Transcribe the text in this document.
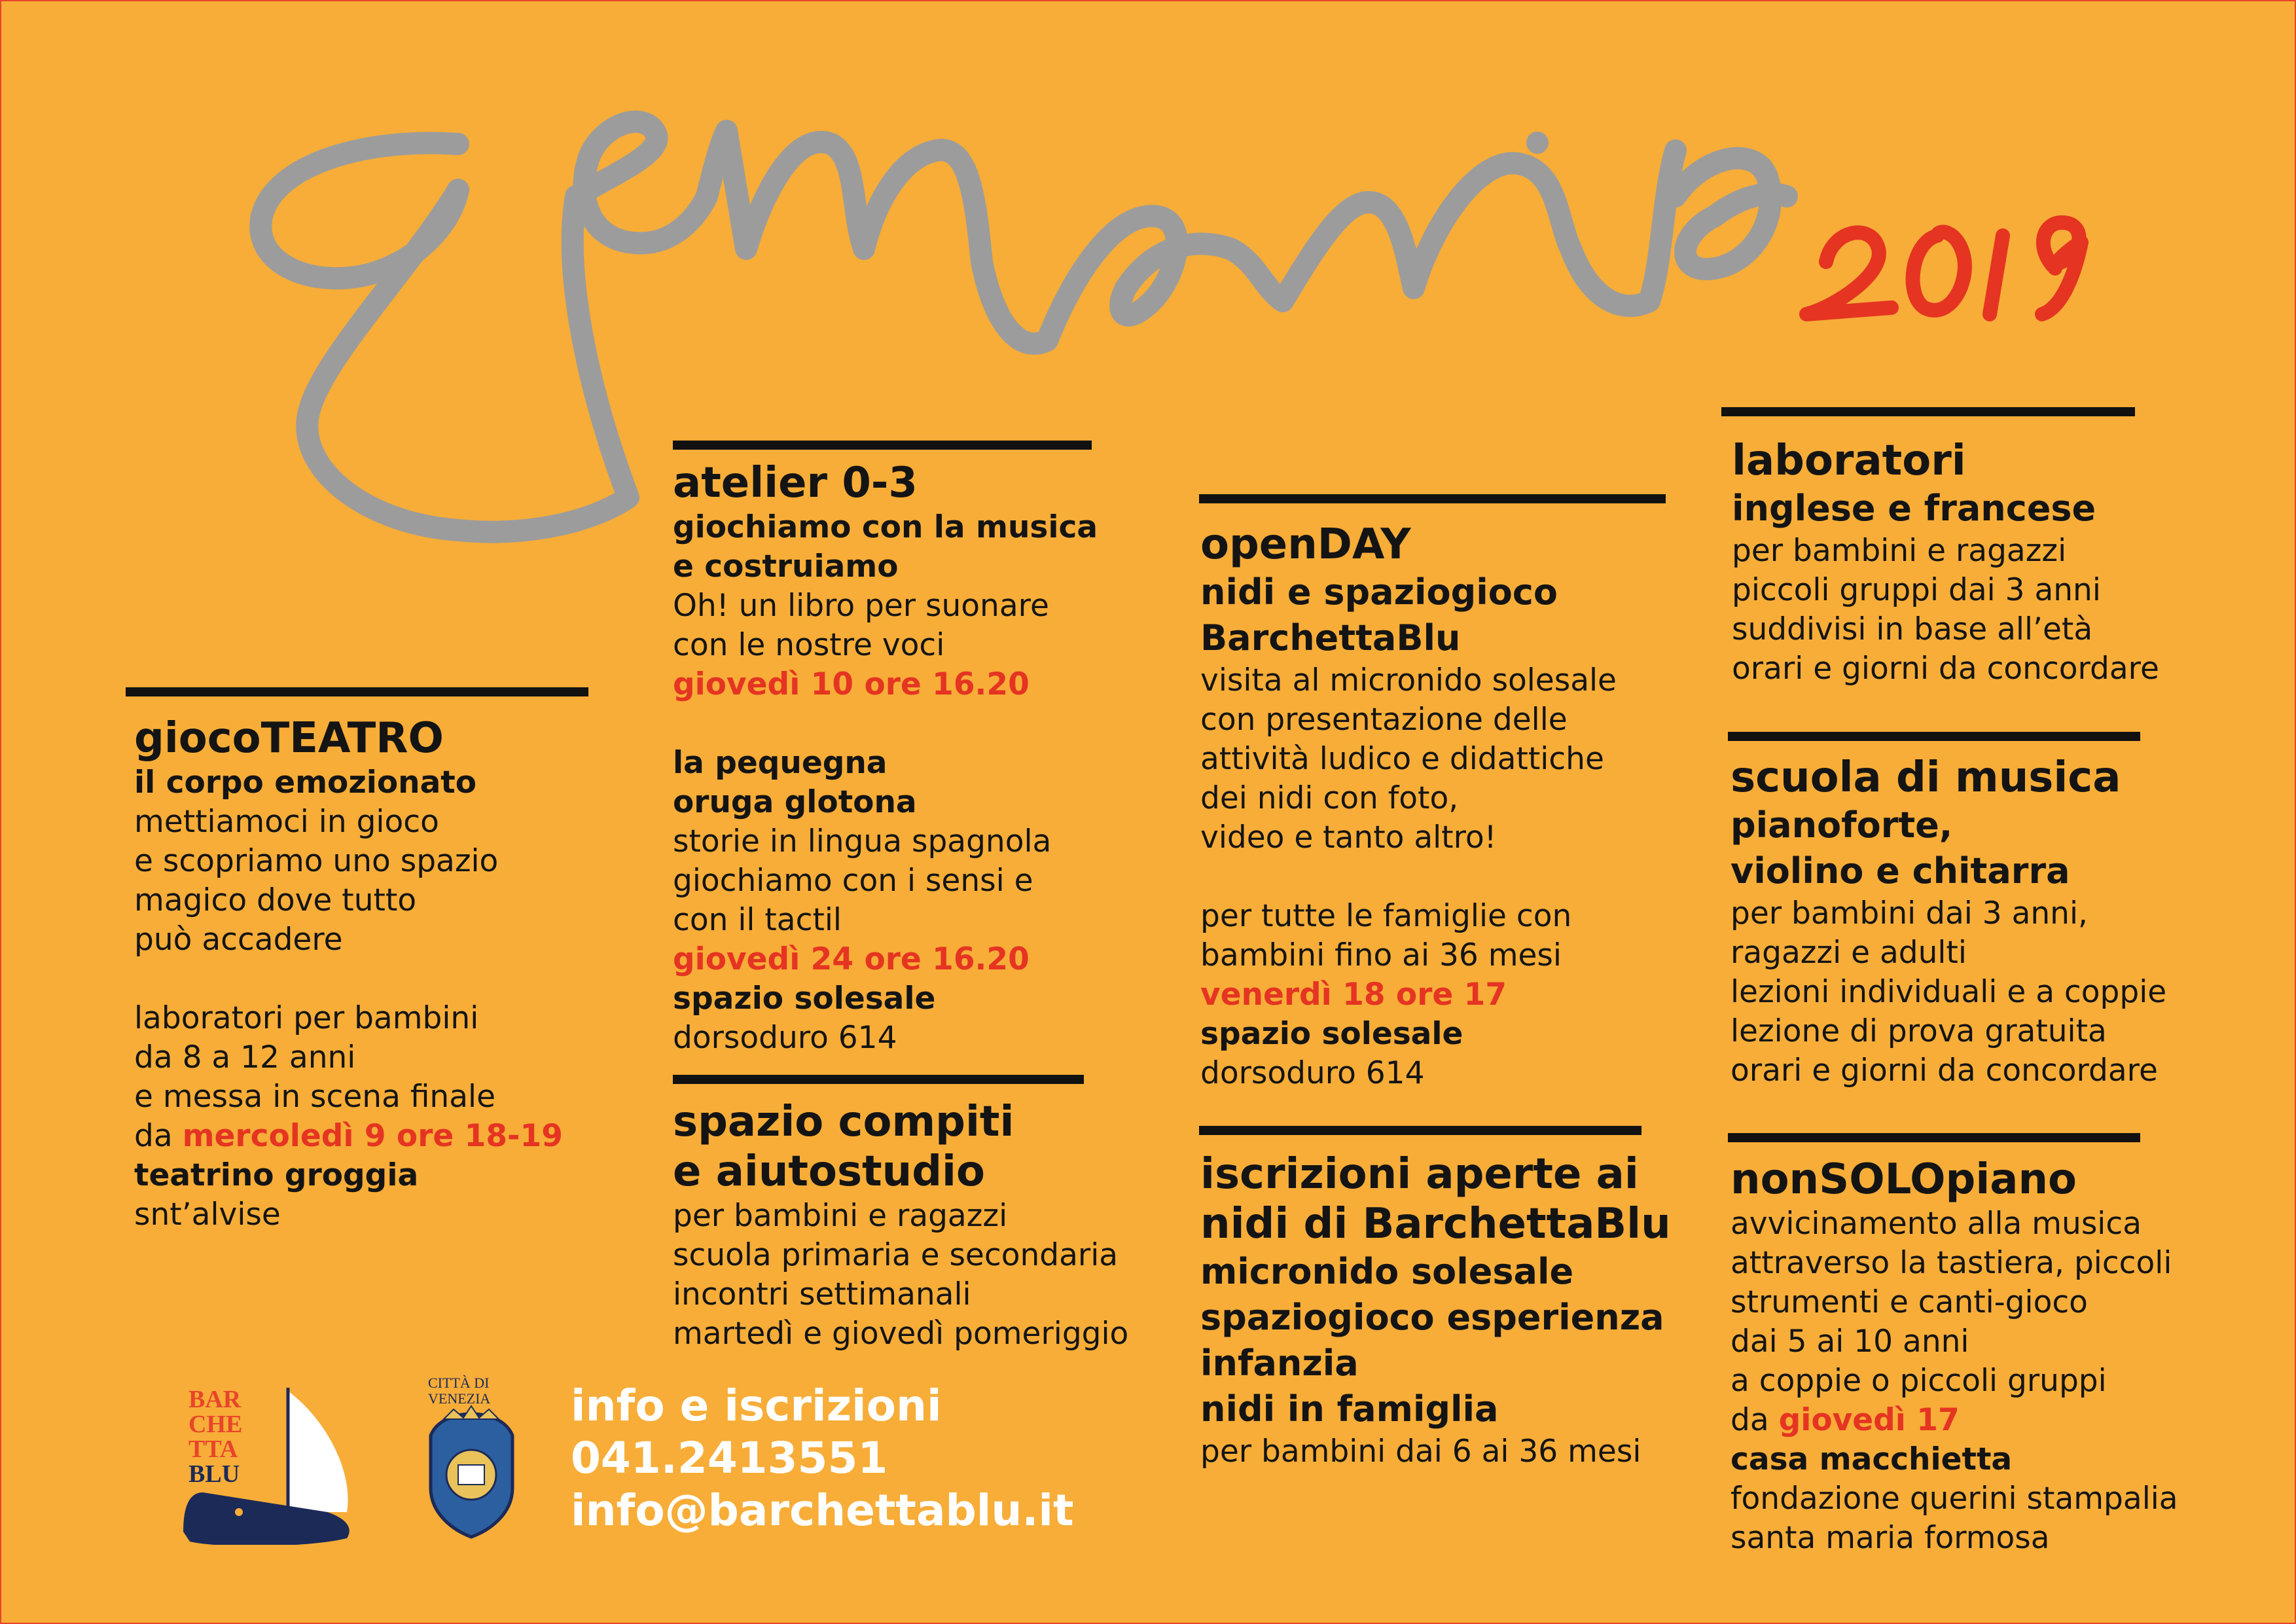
2019
giocoTEATRO
il corpo emozionato
mettiamoci in gioco
e scopriamo uno spazio
magico dove tutto
può accadere
laboratori per bambini
da 8 a 12 anni
e messa in scena finale
da mercoledì 9 ore 18-19
teatrino groggia
snt’alvise
atelier 0-3
giochiamo con la musica
e costruiamo
Oh! un libro per suonare
con le nostre voci
giovedì 10 ore 16.20
la pequegna
oruga glotona
storie in lingua spagnola
giochiamo con i sensi e
con il tactil
giovedì 24 ore 16.20
spazio solesale
dorsoduro 614
spazio compiti
e aiutostudio
per bambini e ragazzi
scuola primaria e secondaria
incontri settimanali
martedì e giovedì pomeriggio
openDAY
nidi e spaziogioco
BarchettaBlu
visita al micronido solesale
con presentazione delle
attività ludico e didattiche
dei nidi con foto,
video e tanto altro!
per tutte le famiglie con
bambini fino ai 36 mesi
venerdì 18 ore 17
spazio solesale
dorsoduro 614
iscrizioni aperte ai
nidi di BarchettaBlu
micronido solesale
spaziogioco esperienza
infanzia
nidi in famiglia
per bambini dai 6 ai 36 mesi
laboratori
inglese e francese
per bambini e ragazzi
piccoli gruppi dai 3 anni
suddivisi in base all’età
orari e giorni da concordare
scuola di musica
pianoforte,
violino e chitarra
per bambini dai 3 anni,
ragazzi e adulti
lezioni individuali e a coppie
lezione di prova gratuita
orari e giorni da concordare
nonSOLOpiano
avvicinamento alla musica
attraverso la tastiera, piccoli
strumenti e canti-gioco
dai 5 ai 10 anni
a coppie o piccoli gruppi
da giovedì 17
casa macchietta
fondazione querini stampalia
santa maria formosa
BAR
CHE
TTA
BLU
CITTÀ DI
VENEZIA info e iscrizioni
041.2413551
info@barchettablu.it
